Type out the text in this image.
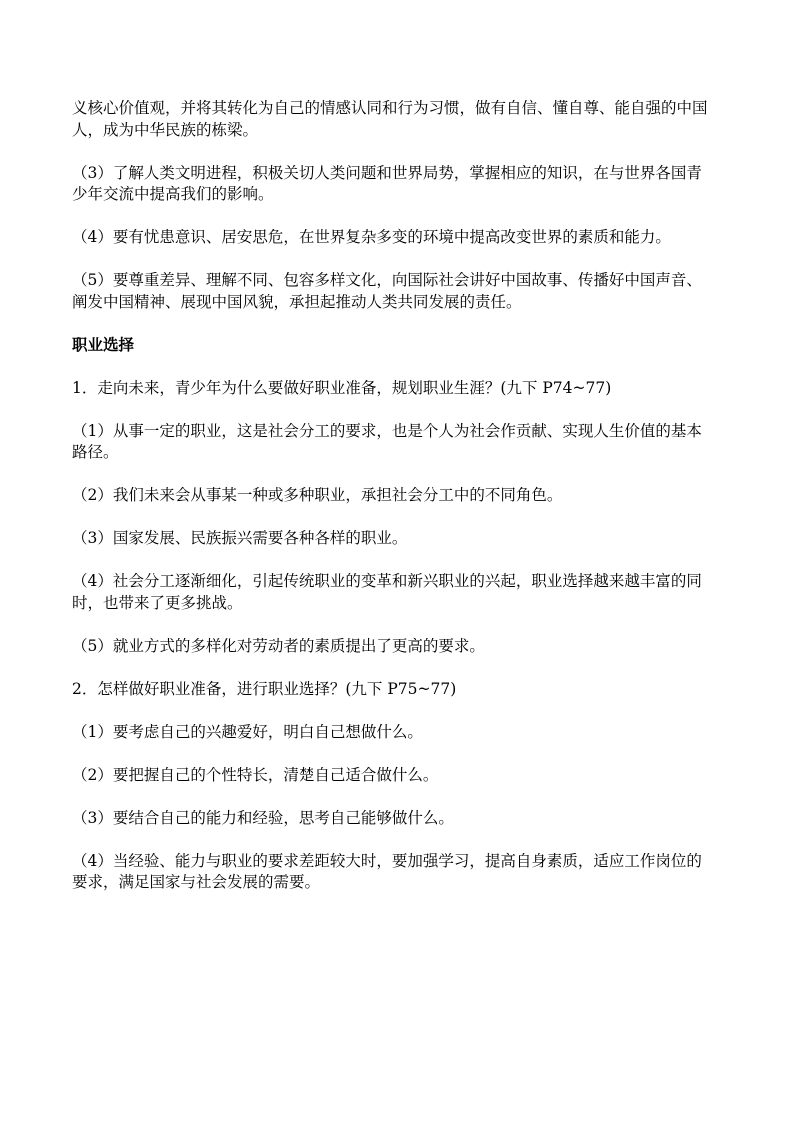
义核心价值观，并将其转化为自己的情感认同和行为习惯，做有自信、懂自尊、能自强的中国
人，成为中华民族的栋梁。

（3）了解人类文明进程，积极关切人类问题和世界局势，掌握相应的知识，在与世界各国青
少年交流中提高我们的影响。

（4）要有忧患意识、居安思危，在世界复杂多变的环境中提高改变世界的素质和能力。

（5）要尊重差异、理解不同、包容多样文化，向国际社会讲好中国故事、传播好中国声音、
阐发中国精神、展现中国风貌，承担起推动人类共同发展的责任。

职业选择

1．走向未来，青少年为什么要做好职业准备，规划职业生涯？(九下 P74~77)

（1）从事一定的职业，这是社会分工的要求，也是个人为社会作贡献、实现人生价值的基本
路径。

（2）我们未来会从事某一种或多种职业，承担社会分工中的不同角色。

（3）国家发展、民族振兴需要各种各样的职业。

（4）社会分工逐渐细化，引起传统职业的变革和新兴职业的兴起，职业选择越来越丰富的同
时，也带来了更多挑战。

（5）就业方式的多样化对劳动者的素质提出了更高的要求。

2．怎样做好职业准备，进行职业选择？(九下 P75~77)

（1）要考虑自己的兴趣爱好，明白自己想做什么。

（2）要把握自己的个性特长，清楚自己适合做什么。

（3）要结合自己的能力和经验，思考自己能够做什么。

（4）当经验、能力与职业的要求差距较大时，要加强学习，提高自身素质，适应工作岗位的
要求，满足国家与社会发展的需要。
